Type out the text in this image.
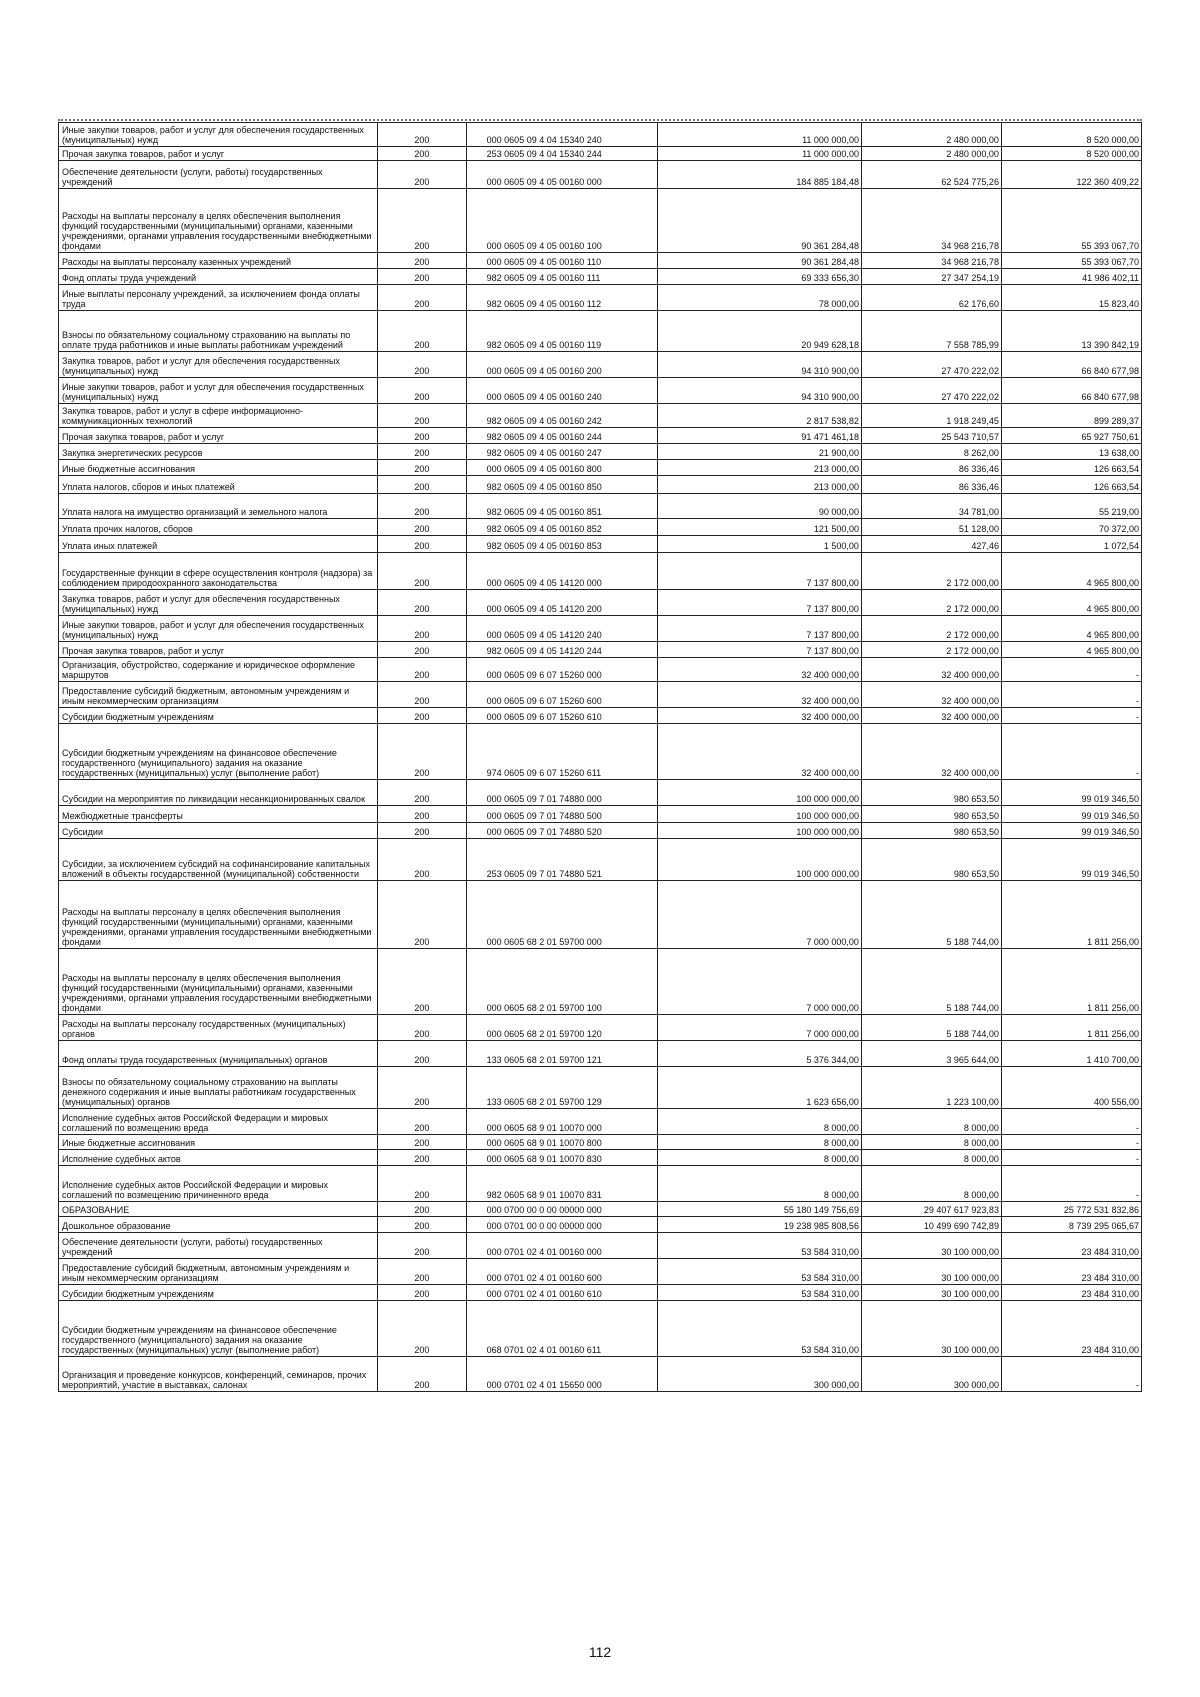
Иные закупки товаров, работ и услуг для обеспечения государственных (муниципальных) нужд	200	000 0605 09 4 04 15340 240	11 000 000,00	2 480 000,00	8 520 000,00
Прочая закупка товаров, работ и услуг	200	253 0605 09 4 04 15340 244	11 000 000,00	2 480 000,00	8 520 000,00
Обеспечение деятельности (услуги, работы) государственных учреждений	200	000 0605 09 4 05 00160 000	184 885 184,48	62 524 775,26	122 360 409,22
Расходы на выплаты персоналу в целях обеспечения выполнения функций государственными (муниципальными) органами, казенными учреждениями, органами управления государственными внебюджетными фондами	200	000 0605 09 4 05 00160 100	90 361 284,48	34 968 216,78	55 393 067,70
Расходы на выплаты персоналу казенных учреждений	200	000 0605 09 4 05 00160 110	90 361 284,48	34 968 216,78	55 393 067,70
Фонд оплаты труда учреждений	200	982 0605 09 4 05 00160 111	69 333 656,30	27 347 254,19	41 986 402,11
Иные выплаты персоналу учреждений, за исключением фонда оплаты труда	200	982 0605 09 4 05 00160 112	78 000,00	62 176,60	15 823,40
Взносы по обязательному социальному страхованию на выплаты по оплате труда работников и иные выплаты работникам учреждений	200	982 0605 09 4 05 00160 119	20 949 628,18	7 558 785,99	13 390 842,19
Закупка товаров, работ и услуг для обеспечения государственных (муниципальных) нужд	200	000 0605 09 4 05 00160 200	94 310 900,00	27 470 222,02	66 840 677,98
Иные закупки товаров, работ и услуг для обеспечения государственных (муниципальных) нужд	200	000 0605 09 4 05 00160 240	94 310 900,00	27 470 222,02	66 840 677,98
Закупка товаров, работ и услуг в сфере информационно-коммуникационных технологий	200	982 0605 09 4 05 00160 242	2 817 538,82	1 918 249,45	899 289,37
Прочая закупка товаров, работ и услуг	200	982 0605 09 4 05 00160 244	91 471 461,18	25 543 710,57	65 927 750,61
Закупка энергетических ресурсов	200	982 0605 09 4 05 00160 247	21 900,00	8 262,00	13 638,00
Иные бюджетные ассигнования	200	000 0605 09 4 05 00160 800	213 000,00	86 336,46	126 663,54
Уплата налогов, сборов и иных платежей	200	982 0605 09 4 05 00160 850	213 000,00	86 336,46	126 663,54
Уплата налога на имущество организаций и земельного налога	200	982 0605 09 4 05 00160 851	90 000,00	34 781,00	55 219,00
Уплата прочих налогов, сборов	200	982 0605 09 4 05 00160 852	121 500,00	51 128,00	70 372,00
Уплата иных платежей	200	982 0605 09 4 05 00160 853	1 500,00	427,46	1 072,54
Государственные функции в сфере осуществления контроля (надзора) за соблюдением природоохранного законодательства	200	000 0605 09 4 05 14120 000	7 137 800,00	2 172 000,00	4 965 800,00
Закупка товаров, работ и услуг для обеспечения государственных (муниципальных) нужд	200	000 0605 09 4 05 14120 200	7 137 800,00	2 172 000,00	4 965 800,00
Иные закупки товаров, работ и услуг для обеспечения государственных (муниципальных) нужд	200	000 0605 09 4 05 14120 240	7 137 800,00	2 172 000,00	4 965 800,00
Прочая закупка товаров, работ и услуг	200	982 0605 09 4 05 14120 244	7 137 800,00	2 172 000,00	4 965 800,00
Организация, обустройство, содержание и юридическое оформление маршрутов	200	000 0605 09 6 07 15260 000	32 400 000,00	32 400 000,00	-
Предоставление субсидий бюджетным, автономным учреждениям и иным некоммерческим организациям	200	000 0605 09 6 07 15260 600	32 400 000,00	32 400 000,00	-
Субсидии бюджетным учреждениям	200	000 0605 09 6 07 15260 610	32 400 000,00	32 400 000,00	-
Субсидии бюджетным учреждениям на финансовое обеспечение государственного (муниципального) задания на оказание государственных (муниципальных) услуг (выполнение работ)	200	974 0605 09 6 07 15260 611	32 400 000,00	32 400 000,00	-
Субсидии на мероприятия по ликвидации несанкционированных свалок	200	000 0605 09 7 01 74880 000	100 000 000,00	980 653,50	99 019 346,50
Межбюджетные трансферты	200	000 0605 09 7 01 74880 500	100 000 000,00	980 653,50	99 019 346,50
Субсидии	200	000 0605 09 7 01 74880 520	100 000 000,00	980 653,50	99 019 346,50
Субсидии, за исключением субсидий на софинансирование капитальных вложений в объекты государственной (муниципальной) собственности	200	253 0605 09 7 01 74880 521	100 000 000,00	980 653,50	99 019 346,50
Расходы на выплаты персоналу в целях обеспечения выполнения функций государственными (муниципальными) органами, казенными учреждениями, органами управления государственными внебюджетными фондами	200	000 0605 68 2 01 59700 000	7 000 000,00	5 188 744,00	1 811 256,00
Расходы на выплаты персоналу в целях обеспечения выполнения функций государственными (муниципальными) органами, казенными учреждениями, органами управления государственными внебюджетными фондами	200	000 0605 68 2 01 59700 100	7 000 000,00	5 188 744,00	1 811 256,00
Расходы на выплаты персоналу государственных (муниципальных) органов	200	000 0605 68 2 01 59700 120	7 000 000,00	5 188 744,00	1 811 256,00
Фонд оплаты труда государственных (муниципальных) органов	200	133 0605 68 2 01 59700 121	5 376 344,00	3 965 644,00	1 410 700,00
Взносы по обязательному социальному страхованию на выплаты денежного содержания и иные выплаты работникам государственных (муниципальных) органов	200	133 0605 68 2 01 59700 129	1 623 656,00	1 223 100,00	400 556,00
Исполнение судебных актов Российской Федерации и мировых соглашений по возмещению вреда	200	000 0605 68 9 01 10070 000	8 000,00	8 000,00	-
Иные бюджетные ассигнования	200	000 0605 68 9 01 10070 800	8 000,00	8 000,00	-
Исполнение судебных актов	200	000 0605 68 9 01 10070 830	8 000,00	8 000,00	-
Исполнение судебных актов Российской Федерации и мировых соглашений по возмещению причиненного вреда	200	982 0605 68 9 01 10070 831	8 000,00	8 000,00	-
ОБРАЗОВАНИЕ	200	000 0700 00 0 00 00000 000	55 180 149 756,69	29 407 617 923,83	25 772 531 832,86
Дошкольное образование	200	000 0701 00 0 00 00000 000	19 238 985 808,56	10 499 690 742,89	8 739 295 065,67
Обеспечение деятельности (услуги, работы) государственных учреждений	200	000 0701 02 4 01 00160 000	53 584 310,00	30 100 000,00	23 484 310,00
Предоставление субсидий бюджетным, автономным учреждениям и иным некоммерческим организациям	200	000 0701 02 4 01 00160 600	53 584 310,00	30 100 000,00	23 484 310,00
Субсидии бюджетным учреждениям	200	000 0701 02 4 01 00160 610	53 584 310,00	30 100 000,00	23 484 310,00
Субсидии бюджетным учреждениям на финансовое обеспечение государственного (муниципального) задания на оказание государственных (муниципальных) услуг (выполнение работ)	200	068 0701 02 4 01 00160 611	53 584 310,00	30 100 000,00	23 484 310,00
Организация и проведение конкурсов, конференций, семинаров, прочих мероприятий, участие в выставках, салонах	200	000 0701 02 4 01 15650 000	300 000,00	300 000,00	-
112
